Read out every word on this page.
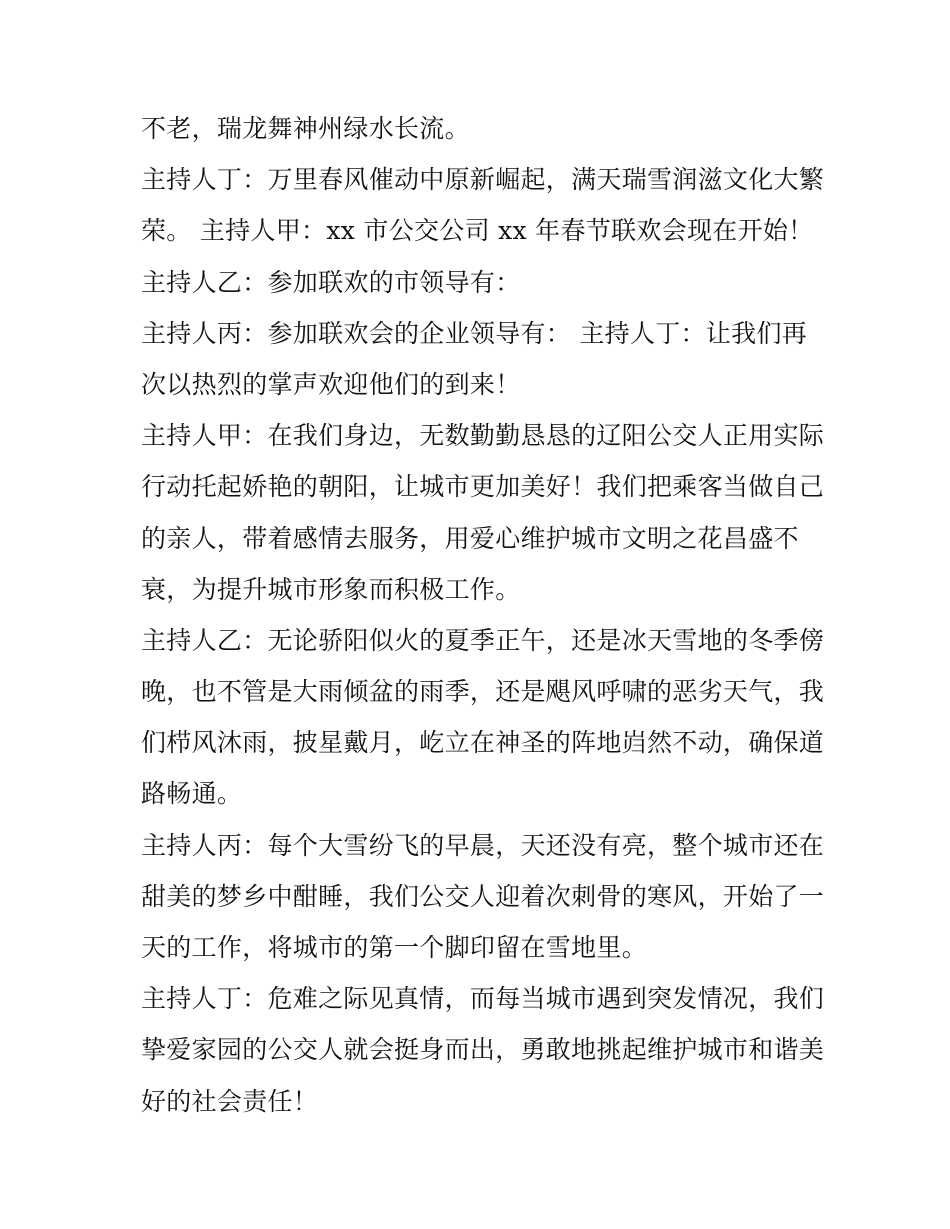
不老，瑞龙舞神州绿水长流。
主持人丁：万里春风催动中原新崛起，满天瑞雪润滋文化大繁
荣。 主持人甲：xx 市公交公司 xx 年春节联欢会现在开始！
主持人乙：参加联欢的市领导有：
主持人丙：参加联欢会的企业领导有： 主持人丁：让我们再
次以热烈的掌声欢迎他们的到来！
主持人甲：在我们身边，无数勤勤恳恳的辽阳公交人正用实际
行动托起娇艳的朝阳，让城市更加美好！我们把乘客当做自己
的亲人，带着感情去服务，用爱心维护城市文明之花昌盛不
衰，为提升城市形象而积极工作。
主持人乙：无论骄阳似火的夏季正午，还是冰天雪地的冬季傍
晚，也不管是大雨倾盆的雨季，还是飓风呼啸的恶劣天气，我
们栉风沐雨，披星戴月，屹立在神圣的阵地岿然不动，确保道
路畅通。
主持人丙：每个大雪纷飞的早晨，天还没有亮，整个城市还在
甜美的梦乡中酣睡，我们公交人迎着次刺骨的寒风，开始了一
天的工作，将城市的第一个脚印留在雪地里。
主持人丁：危难之际见真情，而每当城市遇到突发情况，我们
挚爱家园的公交人就会挺身而出，勇敢地挑起维护城市和谐美
好的社会责任！
